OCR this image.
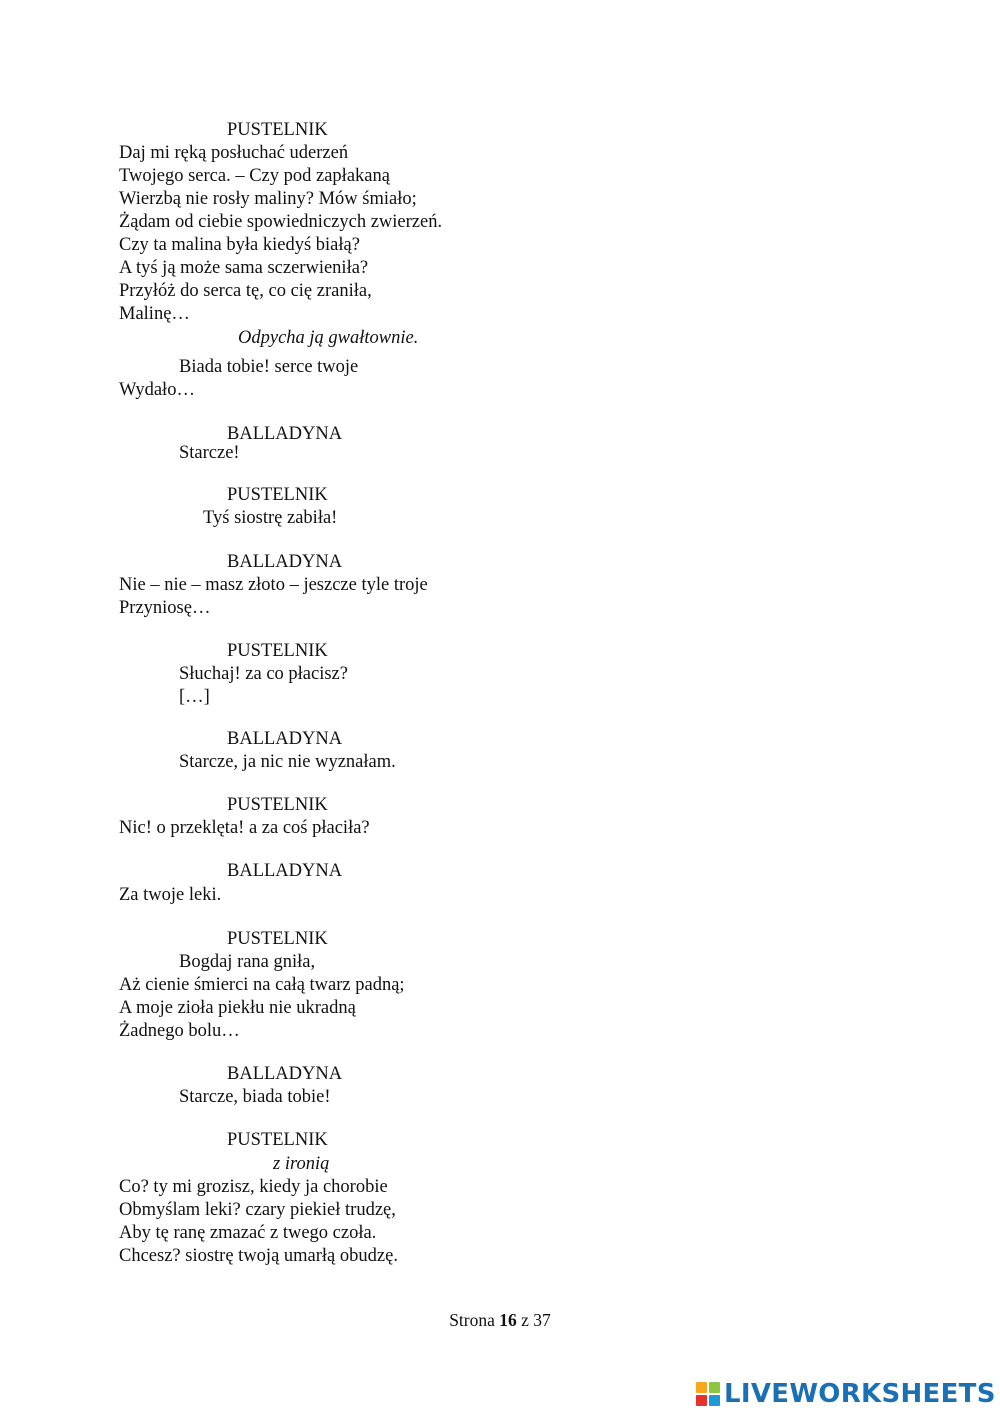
PUSTELNIK
Daj mi ręką posłuchać uderzeń
Twojego serca. – Czy pod zapłakaną
Wierzbą nie rosły maliny? Mów śmiało;
Żądam od ciebie spowiedniczych zwierzeń.
Czy ta malina była kiedyś białą?
A tyś ją może sama sczerwieniła?
Przyłóż do serca tę, co cię zraniła,
Malinę…
Odpycha ją gwałtownie.
Biada tobie! serce twoje
Wydało…
BALLADYNA
Starcze!
PUSTELNIK
Tyś siostrę zabiła!
BALLADYNA
Nie – nie – masz złoto – jeszcze tyle troje
Przyniosę…
PUSTELNIK
Słuchaj! za co płacisz?
[…]
BALLADYNA
Starcze, ja nic nie wyznałam.
PUSTELNIK
Nic! o przeklęta! a za coś płaciła?
BALLADYNA
Za twoje leki.
PUSTELNIK
Bogdaj rana gniła,
Aż cienie śmierci na całą twarz padną;
A moje zioła piekłu nie ukradną
Żadnego bolu…
BALLADYNA
Starcze, biada tobie!
PUSTELNIK
z ironią
Co? ty mi grozisz, kiedy ja chorobie
Obmyślam leki? czary piekieł trudzę,
Aby tę ranę zmazać z twego czoła.
Chcesz? siostrę twoją umarłą obudzę.
Strona 16 z 37
LIVEWORKSHEETS
